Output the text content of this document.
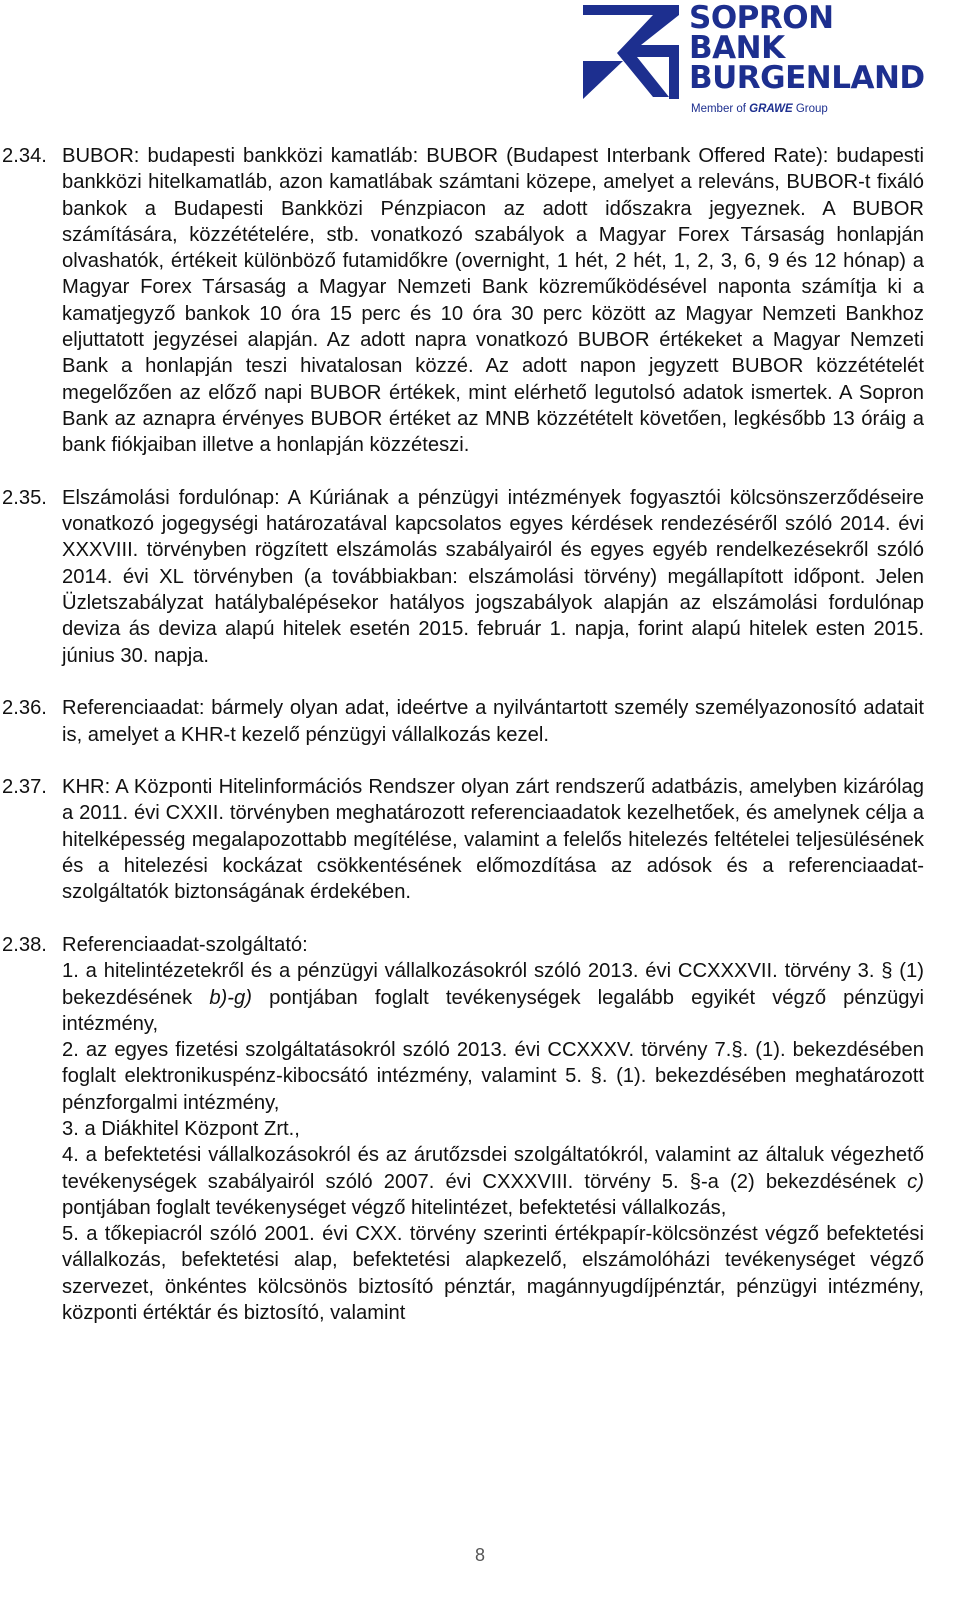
SOPRON
BANK
BURGENLAND
Member of GRAWE Group
2.34. BUBOR: budapesti bankközi kamatláb: BUBOR (Budapest Interbank Offered Rate): budapesti bankközi hitelkamatláb, azon kamatlábak számtani közepe, amelyet a releváns, BUBOR-t fixáló bankok a Budapesti Bankközi Pénzpiacon az adott időszakra jegyeznek. A BUBOR számítására, közzétételére, stb. vonatkozó szabályok a Magyar Forex Társaság honlapján olvashatók, értékeit különböző futamidőkre (overnight, 1 hét, 2 hét, 1, 2, 3, 6, 9 és 12 hónap) a Magyar Forex Társaság a Magyar Nemzeti Bank közreműködésével naponta számítja ki a kamatjegyző bankok 10 óra 15 perc és 10 óra 30 perc között az Magyar Nemzeti Bankhoz eljuttatott jegyzései alapján. Az adott napra vonatkozó BUBOR értékeket a Magyar Nemzeti Bank a honlapján teszi hivatalosan közzé. Az adott napon jegyzett BUBOR közzétételét megelőzően az előző napi BUBOR értékek, mint elérhető legutolsó adatok ismertek. A Sopron Bank az aznapra érvényes BUBOR értéket az MNB közzétételt követően, legkésőbb 13 óráig a bank fiókjaiban illetve a honlapján közzéteszi.
2.35. Elszámolási fordulónap: A Kúriának a pénzügyi intézmények fogyasztói kölcsönszerződéseire vonatkozó jogegységi határozatával kapcsolatos egyes kérdések rendezéséről szóló 2014. évi XXXVIII. törvényben rögzített elszámolás szabályairól és egyes egyéb rendelkezésekről szóló 2014. évi XL törvényben (a továbbiakban: elszámolási törvény) megállapított időpont. Jelen Üzletszabályzat hatálybalépésekor hatályos jogszabályok alapján az elszámolási fordulónap deviza ás deviza alapú hitelek esetén 2015. február 1. napja, forint alapú hitelek esten 2015. június 30. napja.
2.36. Referenciaadat: bármely olyan adat, ideértve a nyilvántartott személy személyazonosító adatait is, amelyet a KHR-t kezelő pénzügyi vállalkozás kezel.
2.37. KHR: A Központi Hitelinformációs Rendszer olyan zárt rendszerű adatbázis, amelyben kizárólag a 2011. évi CXXII. törvényben meghatározott referenciaadatok kezelhetőek, és amelynek célja a hitelképesség megalapozottabb megítélése, valamint a felelős hitelezés feltételei teljesülésének és a hitelezési kockázat csökkentésének előmozdítása az adósok és a referenciaadat-szolgáltatók biztonságának érdekében.
2.38. Referenciaadat-szolgáltató:
1. a hitelintézetekről és a pénzügyi vállalkozásokról szóló 2013. évi CCXXXVII. törvény 3. § (1) bekezdésének b)-g) pontjában foglalt tevékenységek legalább egyikét végző pénzügyi intézmény,
2. az egyes fizetési szolgáltatásokról szóló 2013. évi CCXXXV. törvény 7.§. (1). bekezdésében foglalt elektronikuspénz-kibocsátó intézmény, valamint 5. §. (1). bekezdésében meghatározott pénzforgalmi intézmény,
3. a Diákhitel Központ Zrt.,
4. a befektetési vállalkozásokról és az árutőzsdei szolgáltatókról, valamint az általuk végezhető tevékenységek szabályairól szóló 2007. évi CXXXVIII. törvény 5. §-a (2) bekezdésének c) pontjában foglalt tevékenységet végző hitelintézet, befektetési vállalkozás,
5. a tőkepiacról szóló 2001. évi CXX. törvény szerinti értékpapír-kölcsönzést végző befektetési vállalkozás, befektetési alap, befektetési alapkezelő, elszámolóházi tevékenységet végző szervezet, önkéntes kölcsönös biztosító pénztár, magánnyugdíjpénztár, pénzügyi intézmény, központi értéktár és biztosító, valamint
8
